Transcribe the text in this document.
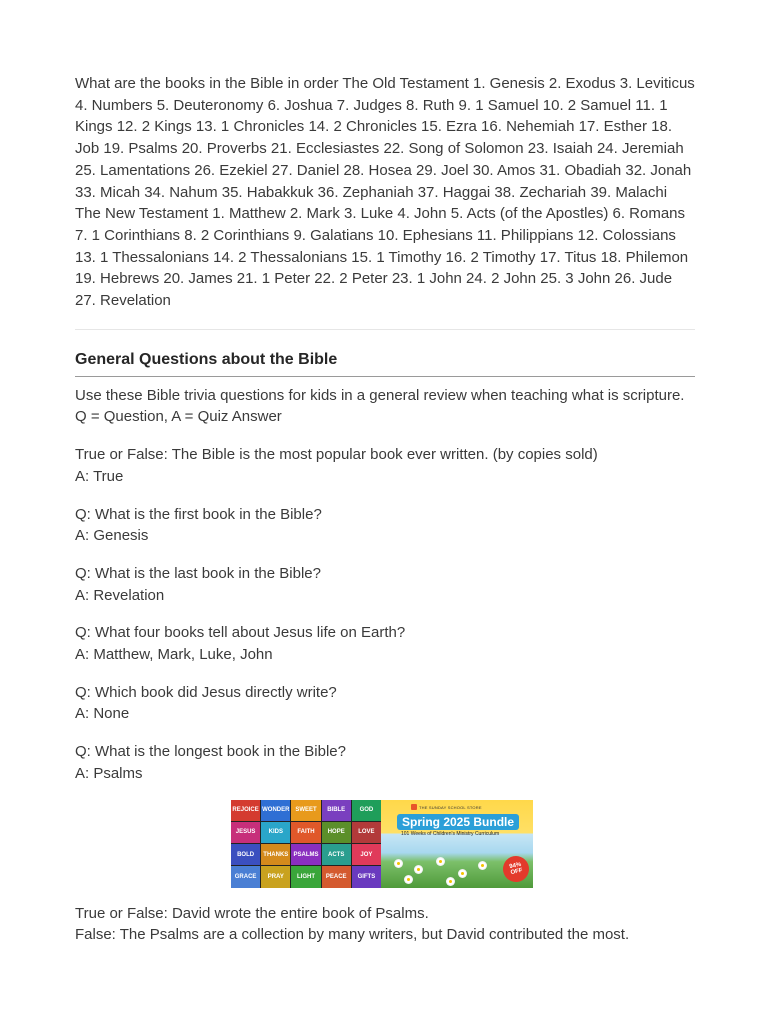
What are the books in the Bible in order The Old Testament 1. Genesis 2. Exodus 3. Leviticus 4. Numbers 5. Deuteronomy 6. Joshua 7. Judges 8. Ruth 9. 1 Samuel 10. 2 Samuel 11. 1 Kings 12. 2 Kings 13. 1 Chronicles 14. 2 Chronicles 15. Ezra 16. Nehemiah 17. Esther 18. Job 19. Psalms 20. Proverbs 21. Ecclesiastes 22. Song of Solomon 23. Isaiah 24. Jeremiah 25. Lamentations 26. Ezekiel 27. Daniel 28. Hosea 29. Joel 30. Amos 31. Obadiah 32. Jonah 33. Micah 34. Nahum 35. Habakkuk 36. Zephaniah 37. Haggai 38. Zechariah 39. Malachi The New Testament 1. Matthew 2. Mark 3. Luke 4. John 5. Acts (of the Apostles) 6. Romans 7. 1 Corinthians 8. 2 Corinthians 9. Galatians 10. Ephesians 11. Philippians 12. Colossians 13. 1 Thessalonians 14. 2 Thessalonians 15. 1 Timothy 16. 2 Timothy 17. Titus 18. Philemon 19. Hebrews 20. James 21. 1 Peter 22. 2 Peter 23. 1 John 24. 2 John 25. 3 John 26. Jude 27. Revelation

General Questions about the Bible

Use these Bible trivia questions for kids in a general review when teaching what is scripture.
Q = Question, A = Quiz Answer

True or False: The Bible is the most popular book ever written. (by copies sold)
A: True

Q: What is the first book in the Bible?
A: Genesis

Q: What is the last book in the Bible?
A: Revelation

Q: What four books tell about Jesus life on Earth?
A: Matthew, Mark, Luke, John

Q: Which book did Jesus directly write?
A: None

Q: What is the longest book in the Bible?
A: Psalms

REJOICE WONDER SWEET	BIBLE	GOD
JESUS	KIDS	FAITH	HOPE	LOVE
BOLD	THANKS PSALMS	ACTS	JOY
GRACE	PRAY	LIGHT	PEACE	GIFTS
THE SUNDAY SCHOOL STORE
Spring 2025 Bundle
101 Weeks of Children's Ministry Curriculum
94%
OFF

True or False: David wrote the entire book of Psalms.
False: The Psalms are a collection by many writers, but David contributed the most.
